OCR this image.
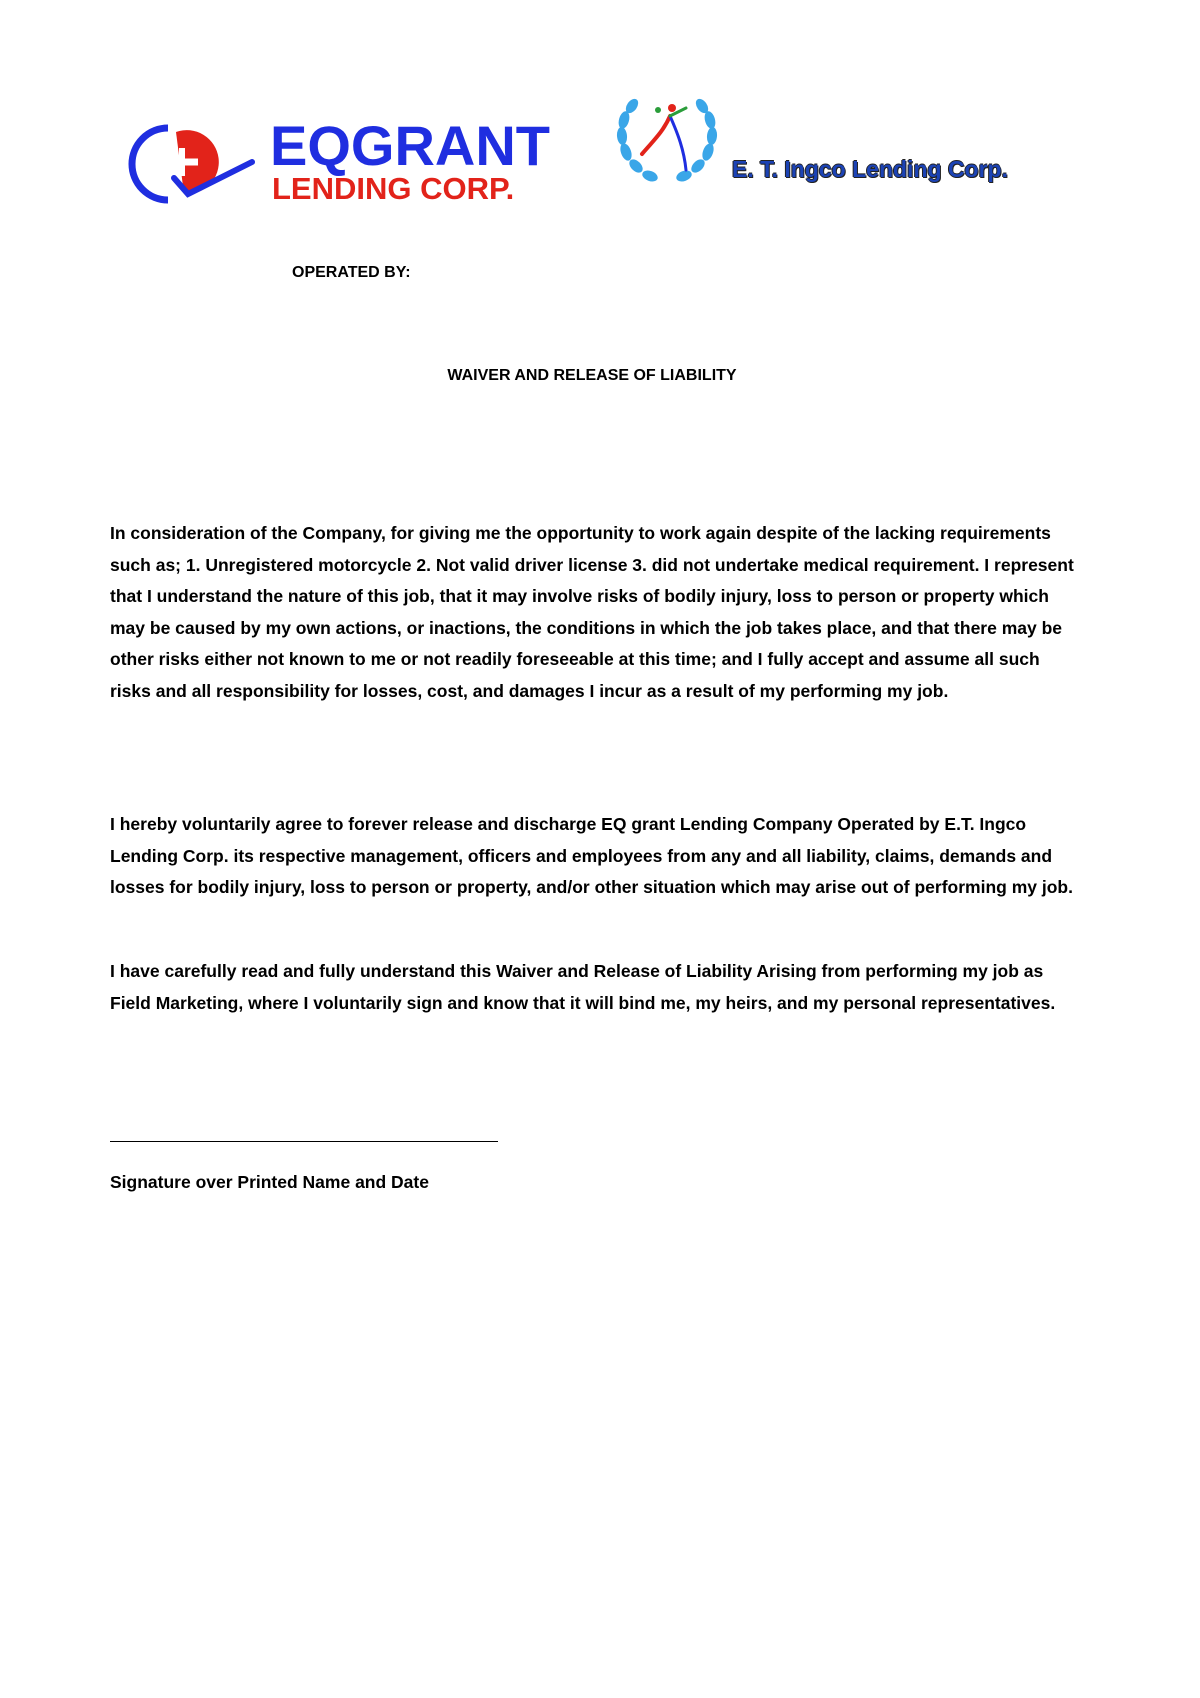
EQGRANT
LENDING CORP.
E. T. Ingco Lending Corp.
OPERATED BY:
WAIVER AND RELEASE OF LIABILITY

In consideration of the Company, for giving me the opportunity to work again despite of the lacking requirements such as; 1. Unregistered motorcycle 2. Not valid driver license 3. did not undertake medical requirement. I represent that I understand the nature of this job, that it may involve risks of bodily injury, loss to person or property which may be caused by my own actions, or inactions, the conditions in which the job takes place, and that there may be other risks either not known to me or not readily foreseeable at this time; and I fully accept and assume all such risks and all responsibility for losses, cost, and damages I incur as a result of my performing my job.

I hereby voluntarily agree to forever release and discharge EQ grant Lending Company Operated by E.T. Ingco Lending Corp. its respective management, officers and employees from any and all liability, claims, demands and losses for bodily injury, loss to person or property, and/or other situation which may arise out of performing my job.

I have carefully read and fully understand this Waiver and Release of Liability Arising from performing my job as Field Marketing, where I voluntarily sign and know that it will bind me, my heirs, and my personal representatives.

Signature over Printed Name and Date
